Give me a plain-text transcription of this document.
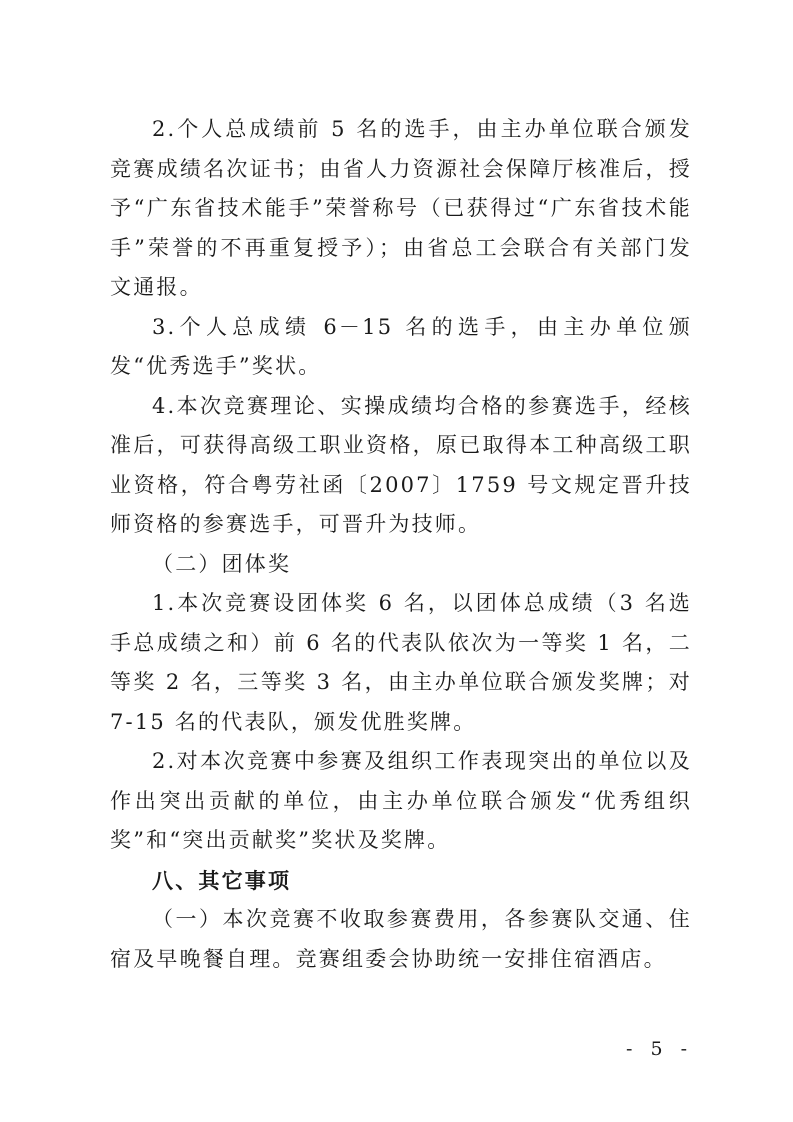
2.个人总成绩前 5 名的选手，由主办单位联合颁发竞赛成绩名次证书；由省人力资源社会保障厅核准后，授予“广东省技术能手”荣誉称号（已获得过“广东省技术能手”荣誉的不再重复授予）；由省总工会联合有关部门发文通报。

3.个人总成绩 6－15 名的选手，由主办单位颁发“优秀选手”奖状。

4.本次竞赛理论、实操成绩均合格的参赛选手，经核准后，可获得高级工职业资格，原已取得本工种高级工职业资格，符合粤劳社函〔2007〕1759 号文规定晋升技师资格的参赛选手，可晋升为技师。

（二）团体奖

1.本次竞赛设团体奖 6 名，以团体总成绩（3 名选手总成绩之和）前 6 名的代表队依次为一等奖 1 名，二等奖 2 名，三等奖 3 名，由主办单位联合颁发奖牌；对 7-15 名的代表队，颁发优胜奖牌。

2.对本次竞赛中参赛及组织工作表现突出的单位以及作出突出贡献的单位，由主办单位联合颁发“优秀组织奖”和“突出贡献奖”奖状及奖牌。

八、其它事项

（一）本次竞赛不收取参赛费用，各参赛队交通、住宿及早晚餐自理。竞赛组委会协助统一安排住宿酒店。

- 5 -
